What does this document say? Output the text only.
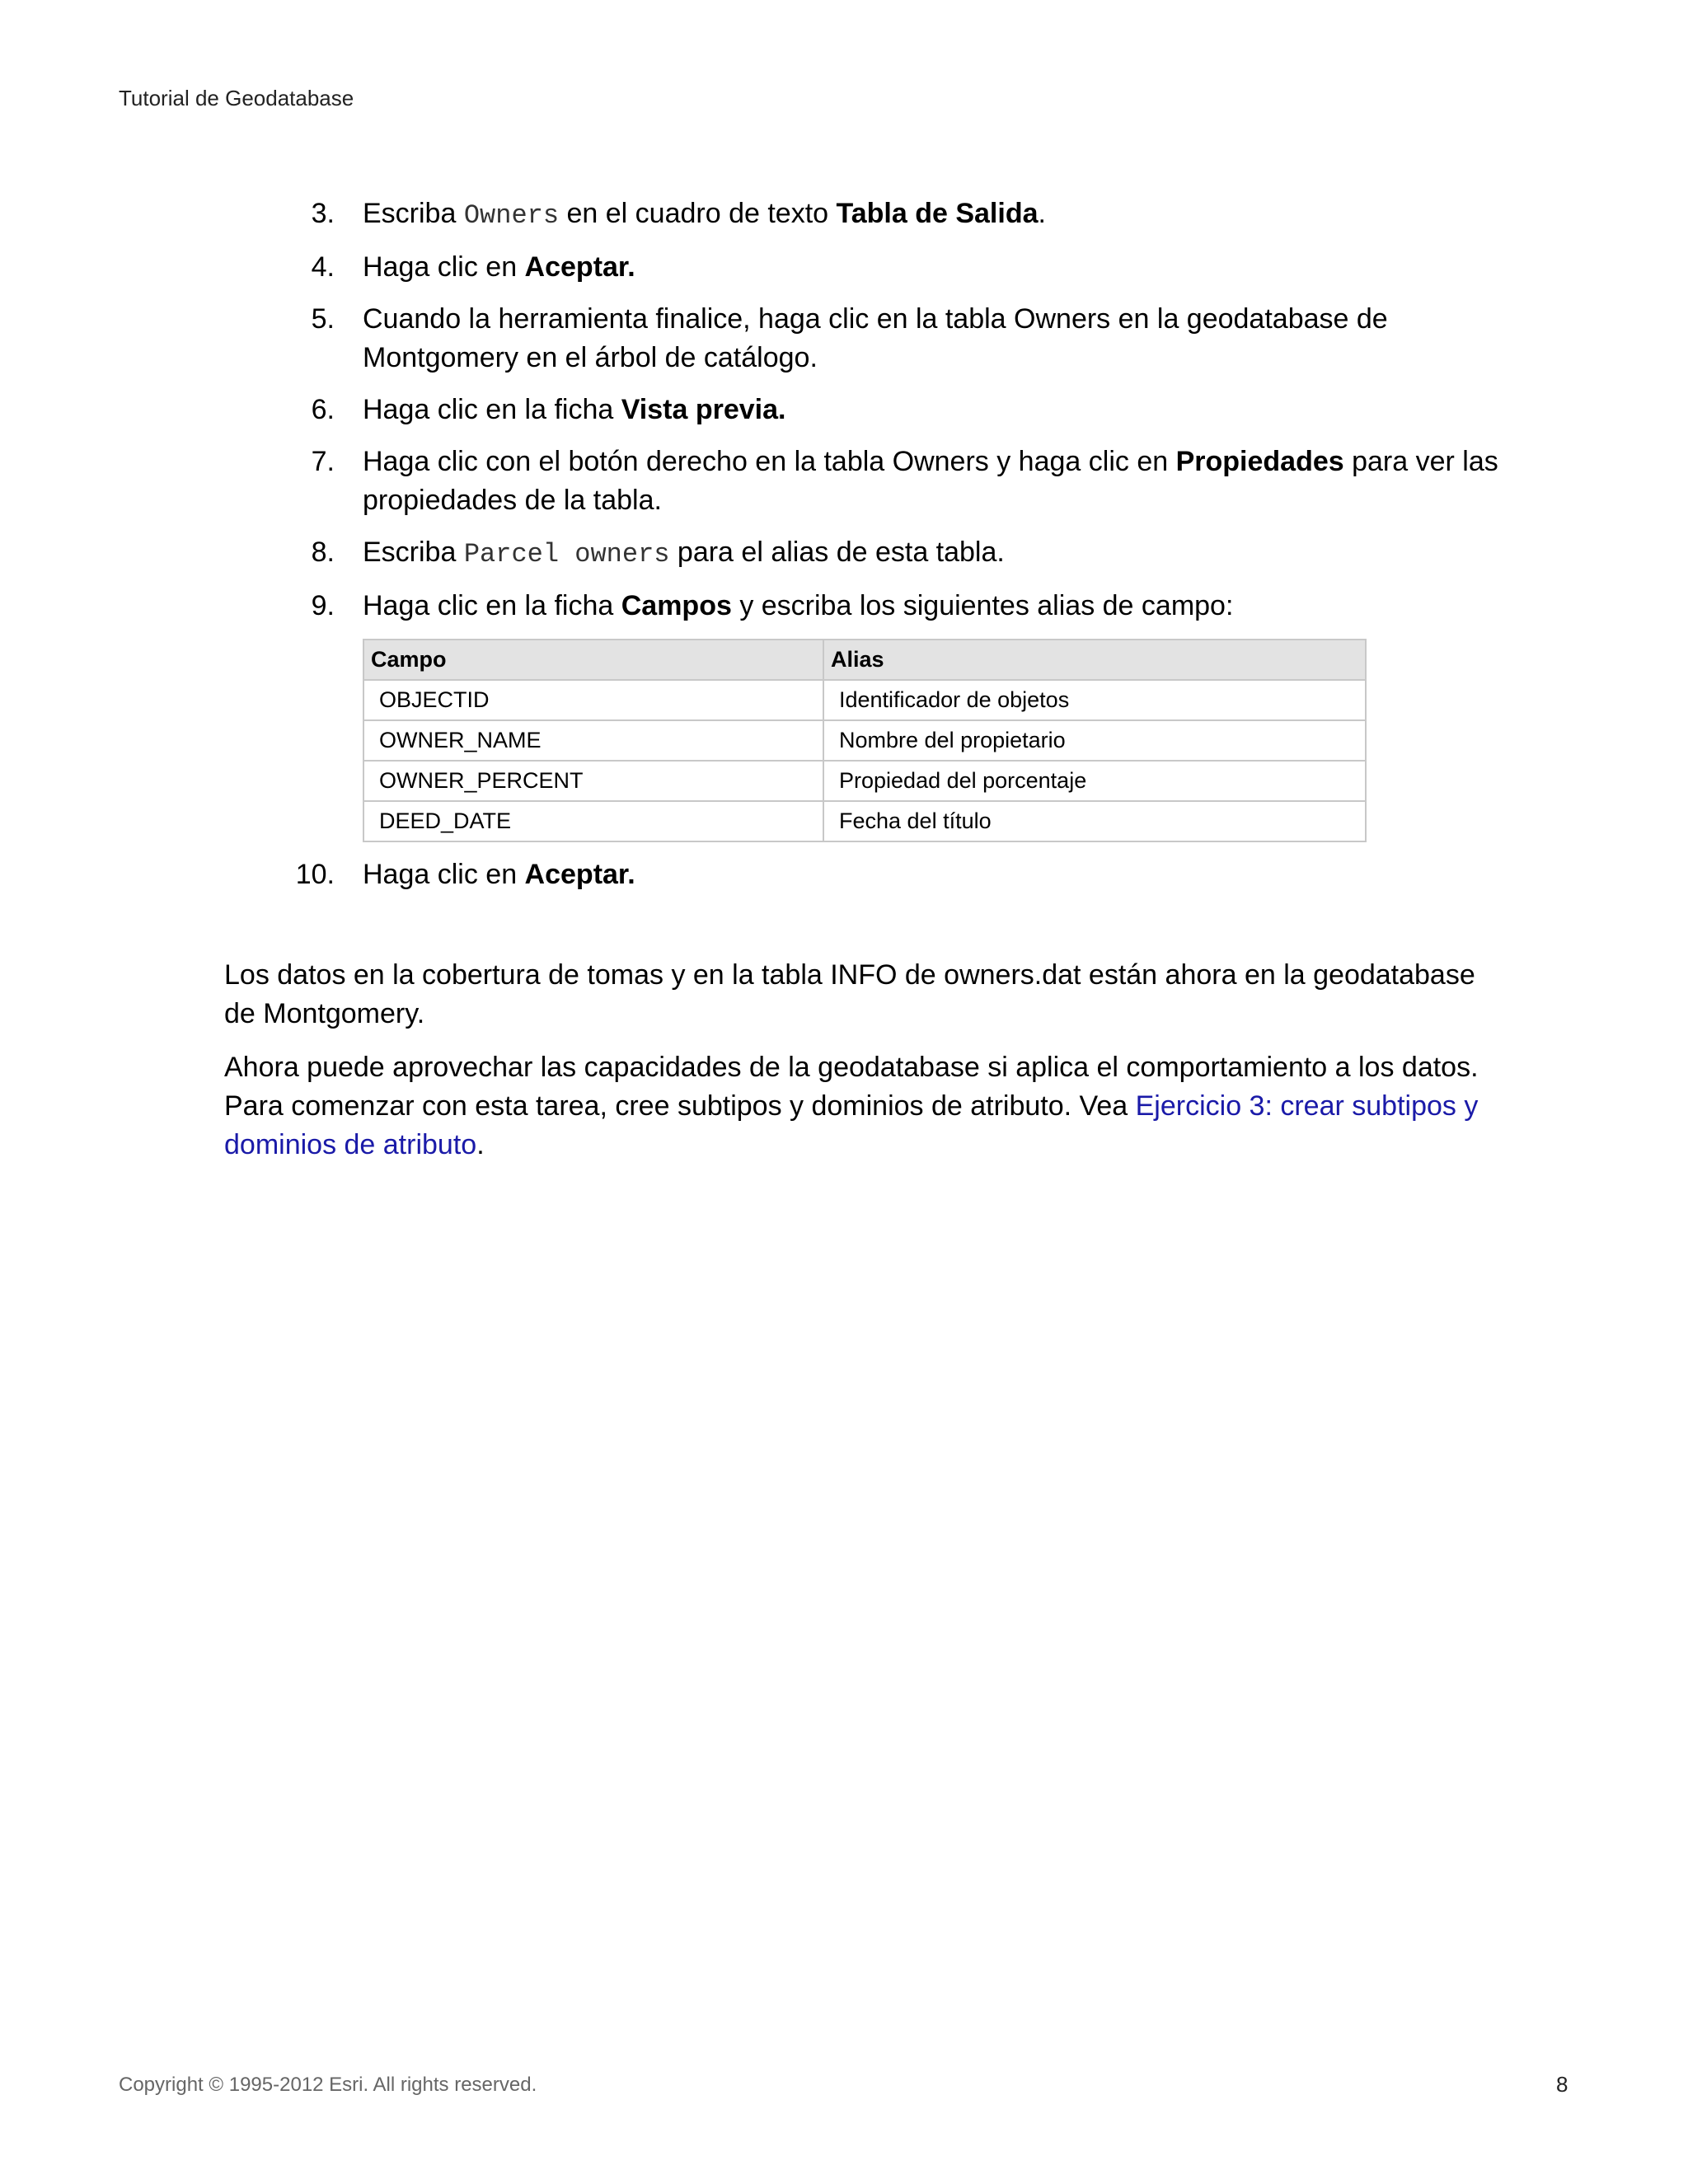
Tutorial de Geodatabase
3. Escriba Owners en el cuadro de texto Tabla de Salida.
4. Haga clic en Aceptar.
5. Cuando la herramienta finalice, haga clic en la tabla Owners en la geodatabase de Montgomery en el árbol de catálogo.
6. Haga clic en la ficha Vista previa.
7. Haga clic con el botón derecho en la tabla Owners y haga clic en Propiedades para ver las propiedades de la tabla.
8. Escriba Parcel owners para el alias de esta tabla.
9. Haga clic en la ficha Campos y escriba los siguientes alias de campo:
Campo	Alias
OBJECTID	Identificador de objetos
OWNER_NAME	Nombre del propietario
OWNER_PERCENT	Propiedad del porcentaje
DEED_DATE	Fecha del título
10. Haga clic en Aceptar.

Los datos en la cobertura de tomas y en la tabla INFO de owners.dat están ahora en la geodatabase de Montgomery.

Ahora puede aprovechar las capacidades de la geodatabase si aplica el comportamiento a los datos. Para comenzar con esta tarea, cree subtipos y dominios de atributo. Vea Ejercicio 3: crear subtipos y dominios de atributo.

Copyright © 1995-2012 Esri. All rights reserved.	8
